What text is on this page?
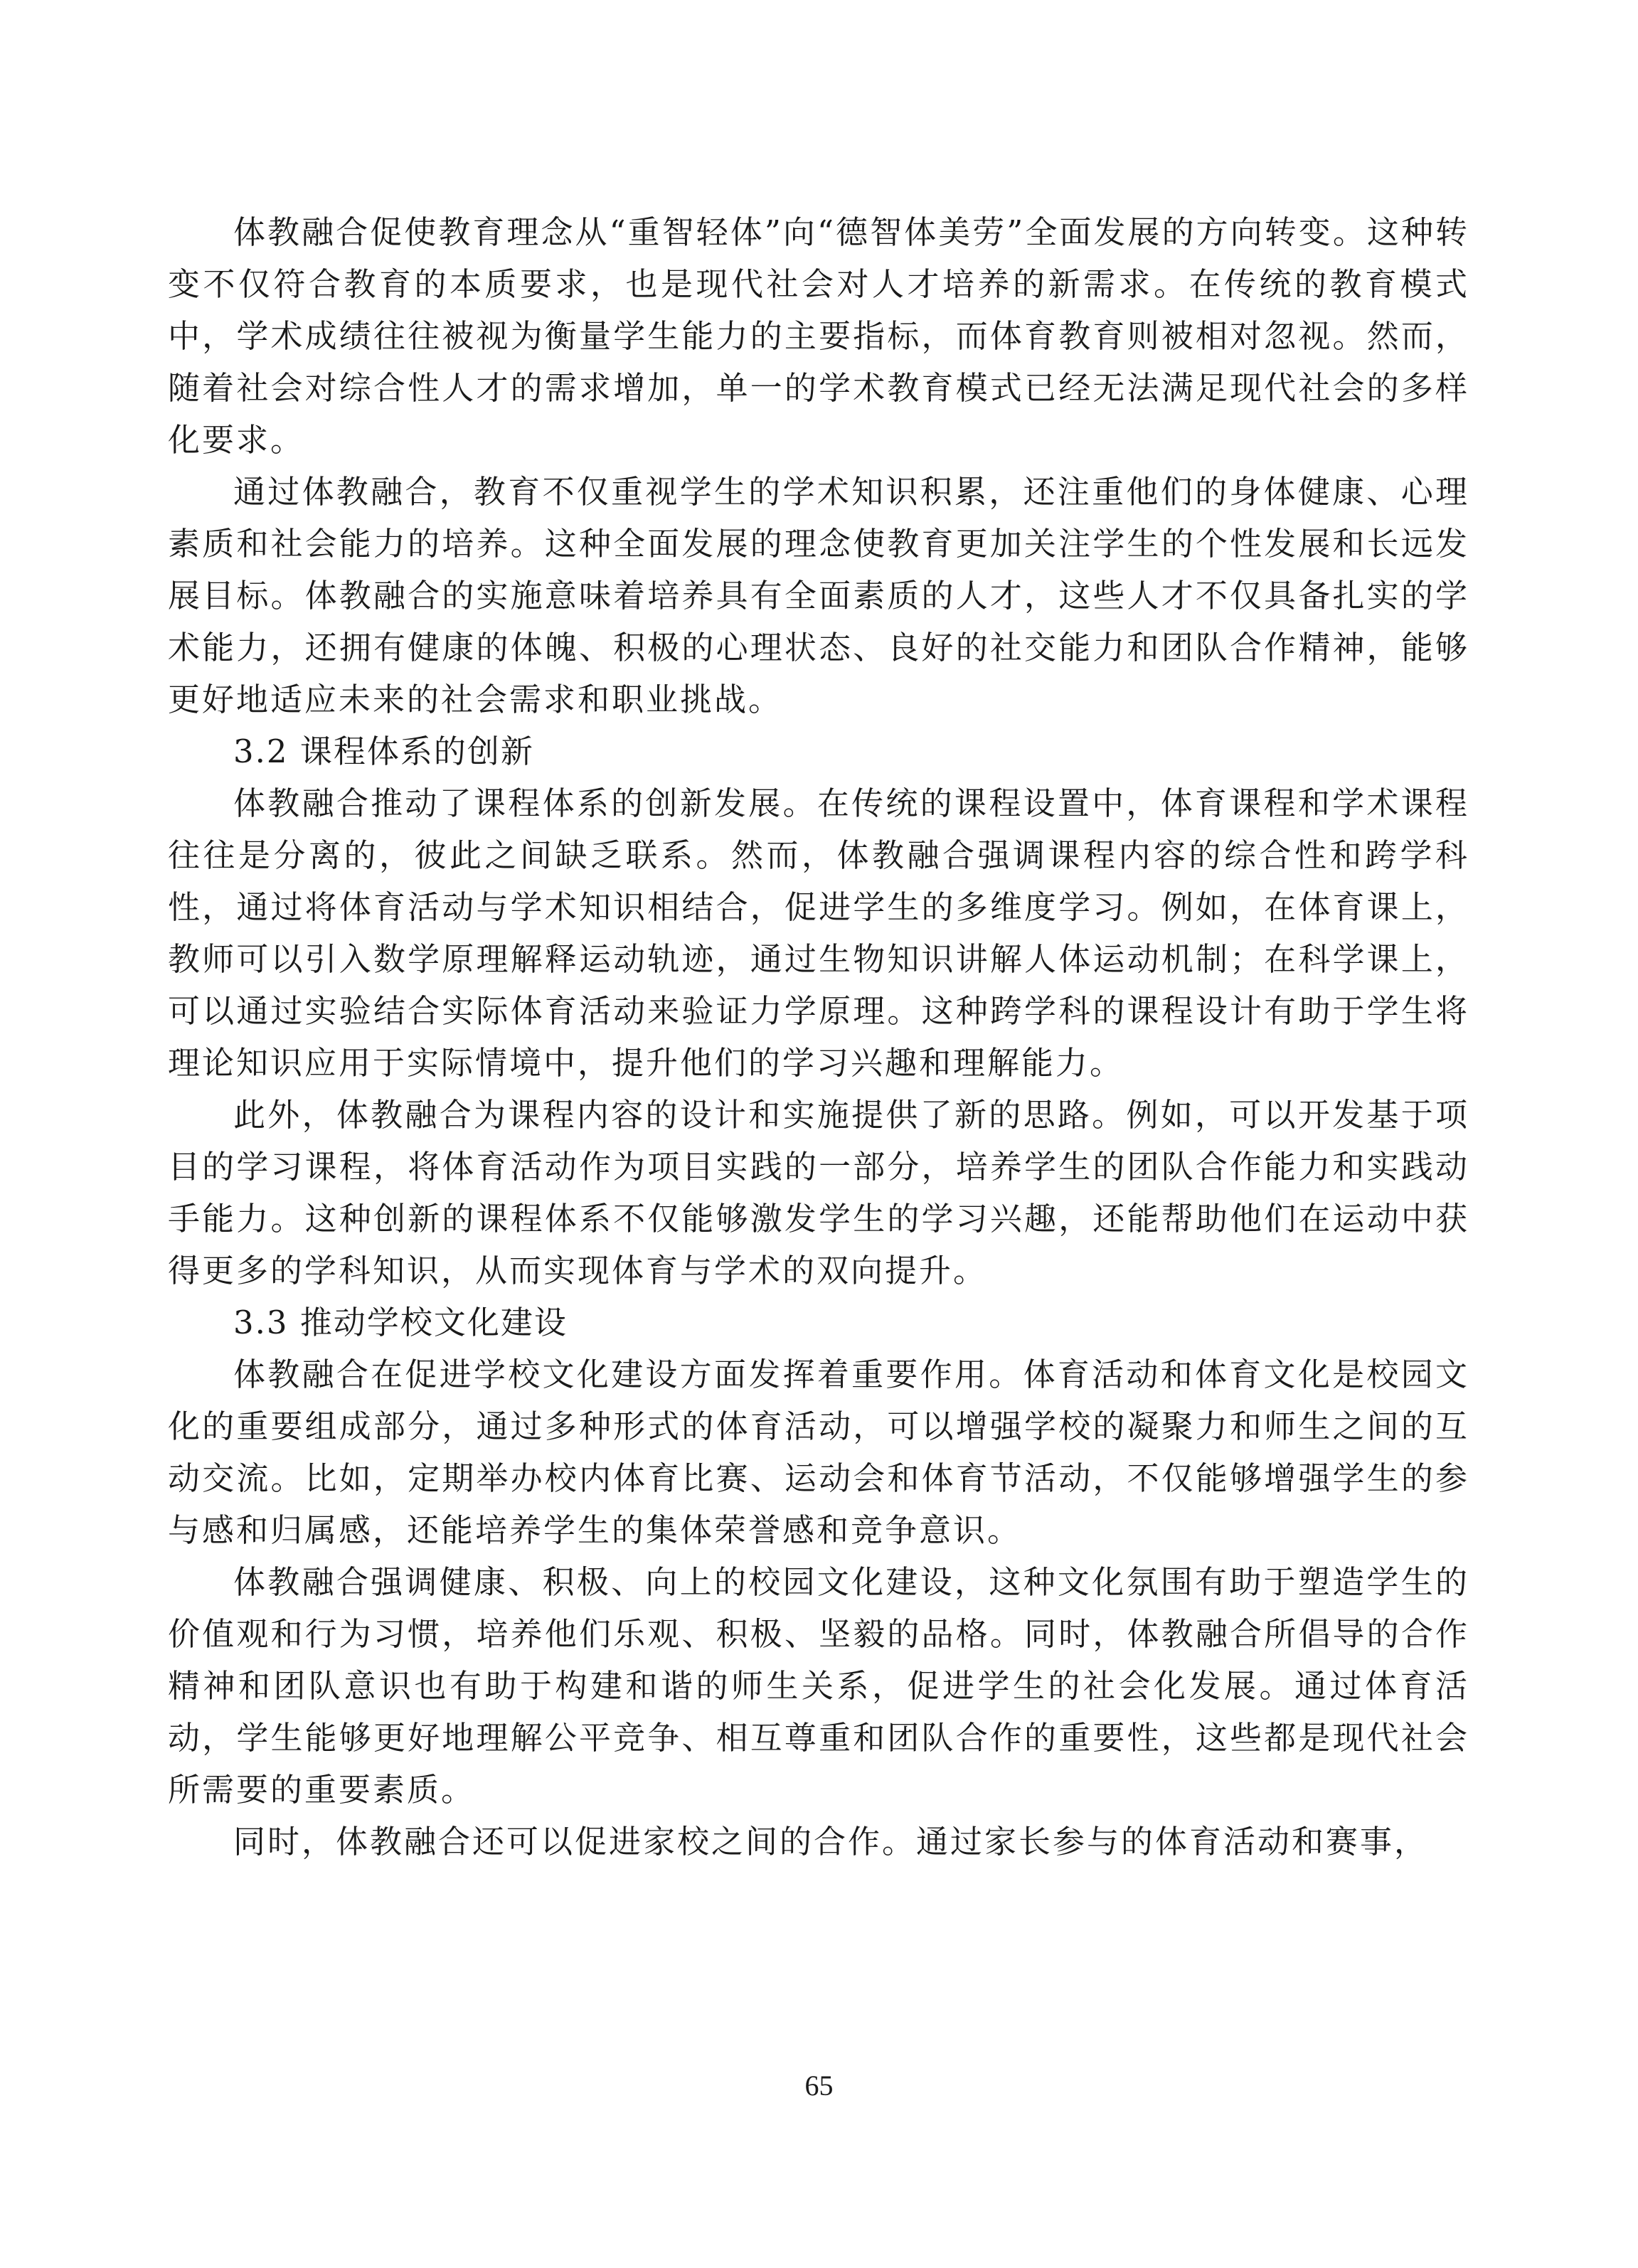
体教融合促使教育理念从“重智轻体”向“德智体美劳”全面发展的方向转变。这种转变不仅符合教育的本质要求，也是现代社会对人才培养的新需求。在传统的教育模式中，学术成绩往往被视为衡量学生能力的主要指标，而体育教育则被相对忽视。然而，随着社会对综合性人才的需求增加，单一的学术教育模式已经无法满足现代社会的多样化要求。

通过体教融合，教育不仅重视学生的学术知识积累，还注重他们的身体健康、心理素质和社会能力的培养。这种全面发展的理念使教育更加关注学生的个性发展和长远发展目标。体教融合的实施意味着培养具有全面素质的人才，这些人才不仅具备扎实的学术能力，还拥有健康的体魄、积极的心理状态、良好的社交能力和团队合作精神，能够更好地适应未来的社会需求和职业挑战。

3.2 课程体系的创新

体教融合推动了课程体系的创新发展。在传统的课程设置中，体育课程和学术课程往往是分离的，彼此之间缺乏联系。然而，体教融合强调课程内容的综合性和跨学科性，通过将体育活动与学术知识相结合，促进学生的多维度学习。例如，在体育课上，教师可以引入数学原理解释运动轨迹，通过生物知识讲解人体运动机制；在科学课上，可以通过实验结合实际体育活动来验证力学原理。这种跨学科的课程设计有助于学生将理论知识应用于实际情境中，提升他们的学习兴趣和理解能力。

此外，体教融合为课程内容的设计和实施提供了新的思路。例如，可以开发基于项目的学习课程，将体育活动作为项目实践的一部分，培养学生的团队合作能力和实践动手能力。这种创新的课程体系不仅能够激发学生的学习兴趣，还能帮助他们在运动中获得更多的学科知识，从而实现体育与学术的双向提升。

3.3 推动学校文化建设

体教融合在促进学校文化建设方面发挥着重要作用。体育活动和体育文化是校园文化的重要组成部分，通过多种形式的体育活动，可以增强学校的凝聚力和师生之间的互动交流。比如，定期举办校内体育比赛、运动会和体育节活动，不仅能够增强学生的参与感和归属感，还能培养学生的集体荣誉感和竞争意识。

体教融合强调健康、积极、向上的校园文化建设，这种文化氛围有助于塑造学生的价值观和行为习惯，培养他们乐观、积极、坚毅的品格。同时，体教融合所倡导的合作精神和团队意识也有助于构建和谐的师生关系，促进学生的社会化发展。通过体育活动，学生能够更好地理解公平竞争、相互尊重和团队合作的重要性，这些都是现代社会所需要的重要素质。

同时，体教融合还可以促进家校之间的合作。通过家长参与的体育活动和赛事，

65
